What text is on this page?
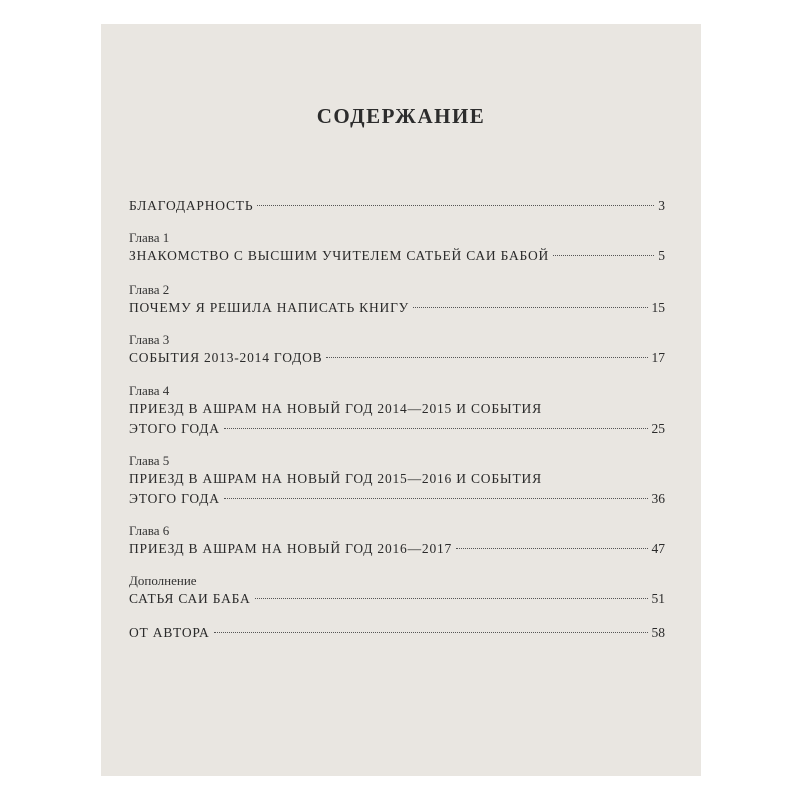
СОДЕРЖАНИЕ
БЛАГОДАРНОСТЬ	3
Глава 1
ЗНАКОМСТВО С ВЫСШИМ УЧИТЕЛЕМ САТЬЕЙ САИ БАБОЙ	5
Глава 2
ПОЧЕМУ Я РЕШИЛА НАПИСАТЬ КНИГУ	15
Глава 3
СОБЫТИЯ 2013-2014 ГОДОВ	17
Глава 4
ПРИЕЗД В АШРАМ НА НОВЫЙ ГОД 2014—2015 И СОБЫТИЯ
ЭТОГО ГОДА	25
Глава 5
ПРИЕЗД В АШРАМ НА НОВЫЙ ГОД 2015—2016 И СОБЫТИЯ
ЭТОГО ГОДА	36
Глава 6
ПРИЕЗД В АШРАМ НА НОВЫЙ ГОД 2016—2017	47
Дополнение
САТЬЯ САИ БАБА	51
ОТ АВТОРА	58
